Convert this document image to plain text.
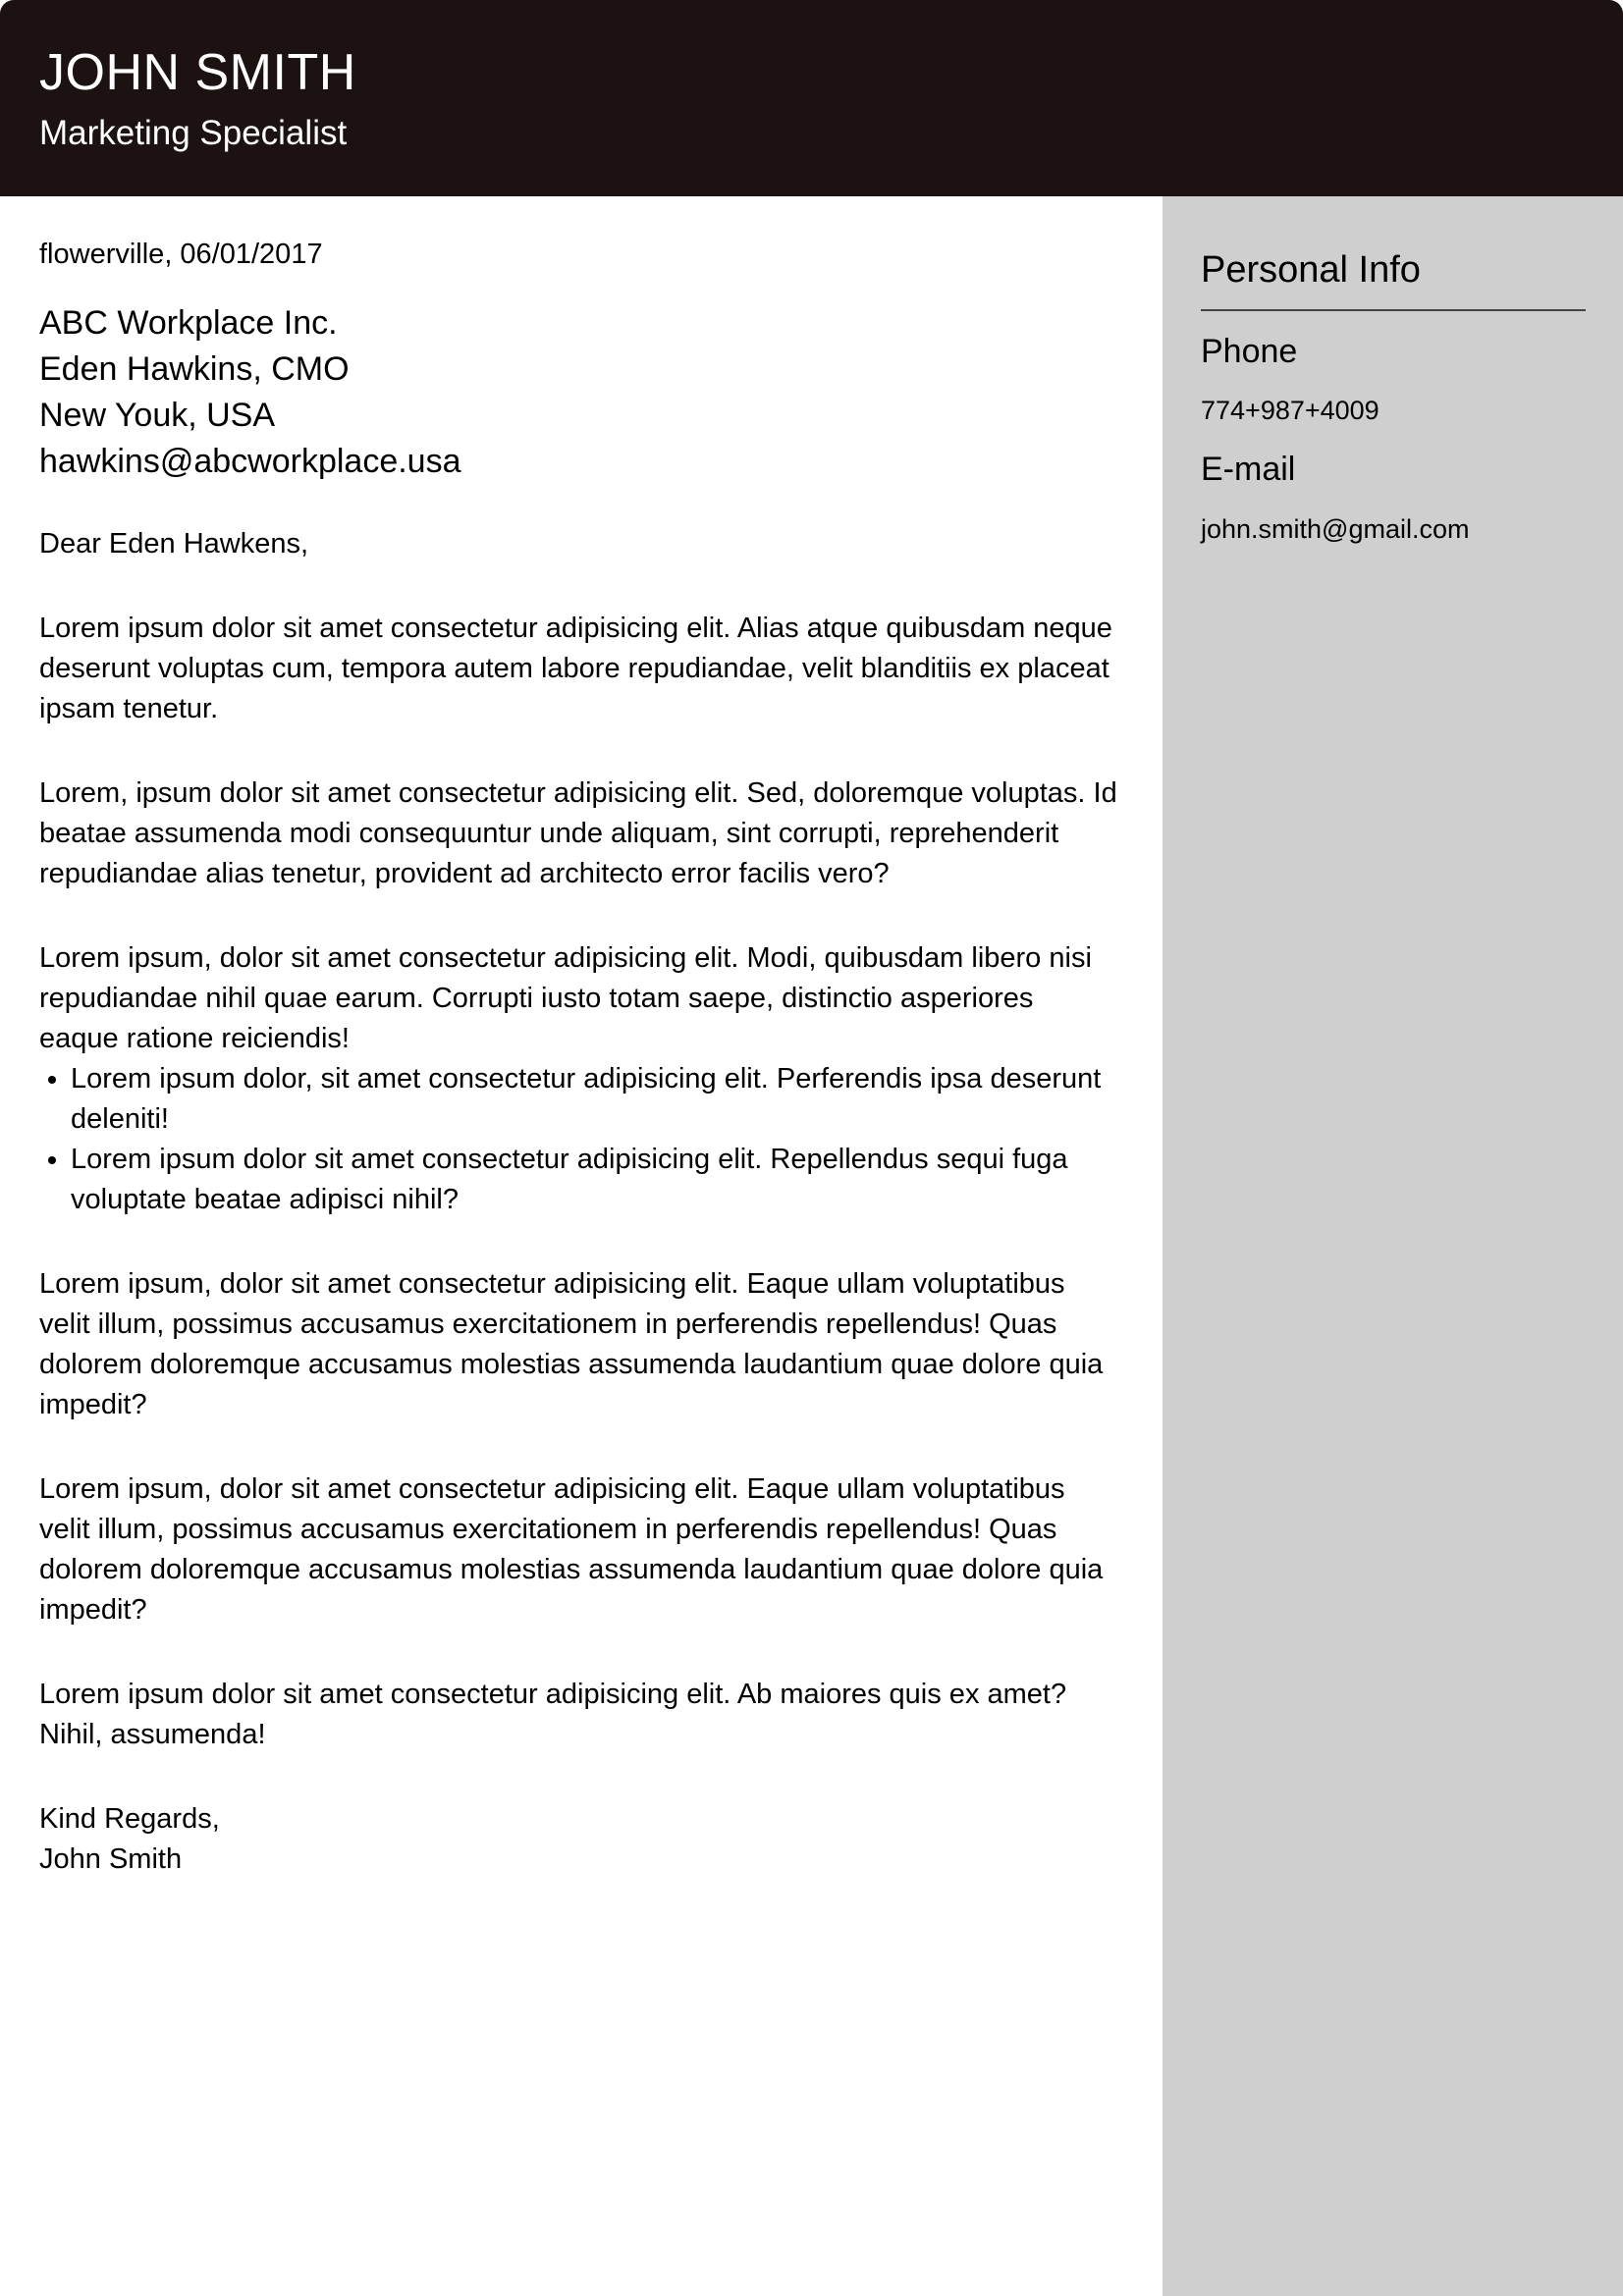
JOHN SMITH
Marketing Specialist
Personal Info
Phone
774+987+4009
E-mail
john.smith@gmail.com

flowerville, 06/01/2017

ABC Workplace Inc.
Eden Hawkins, CMO
New Youk, USA
hawkins@abcworkplace.usa

Dear Eden Hawkens,

Lorem ipsum dolor sit amet consectetur adipisicing elit. Alias atque quibusdam neque deserunt voluptas cum, tempora autem labore repudiandae, velit blanditiis ex placeat ipsam tenetur.

Lorem, ipsum dolor sit amet consectetur adipisicing elit. Sed, doloremque voluptas. Id beatae assumenda modi consequuntur unde aliquam, sint corrupti, reprehenderit repudiandae alias tenetur, provident ad architecto error facilis vero?

Lorem ipsum, dolor sit amet consectetur adipisicing elit. Modi, quibusdam libero nisi repudiandae nihil quae earum. Corrupti iusto totam saepe, distinctio asperiores eaque ratione reiciendis!

• Lorem ipsum dolor, sit amet consectetur adipisicing elit. Perferendis ipsa deserunt deleniti!
• Lorem ipsum dolor sit amet consectetur adipisicing elit. Repellendus sequi fuga voluptate beatae adipisci nihil?

Lorem ipsum, dolor sit amet consectetur adipisicing elit. Eaque ullam voluptatibus velit illum, possimus accusamus exercitationem in perferendis repellendus! Quas dolorem doloremque accusamus molestias assumenda laudantium quae dolore quia impedit?

Lorem ipsum, dolor sit amet consectetur adipisicing elit. Eaque ullam voluptatibus velit illum, possimus accusamus exercitationem in perferendis repellendus! Quas dolorem doloremque accusamus molestias assumenda laudantium quae dolore quia impedit?

Lorem ipsum dolor sit amet consectetur adipisicing elit. Ab maiores quis ex amet? Nihil, assumenda!

Kind Regards,
John Smith
